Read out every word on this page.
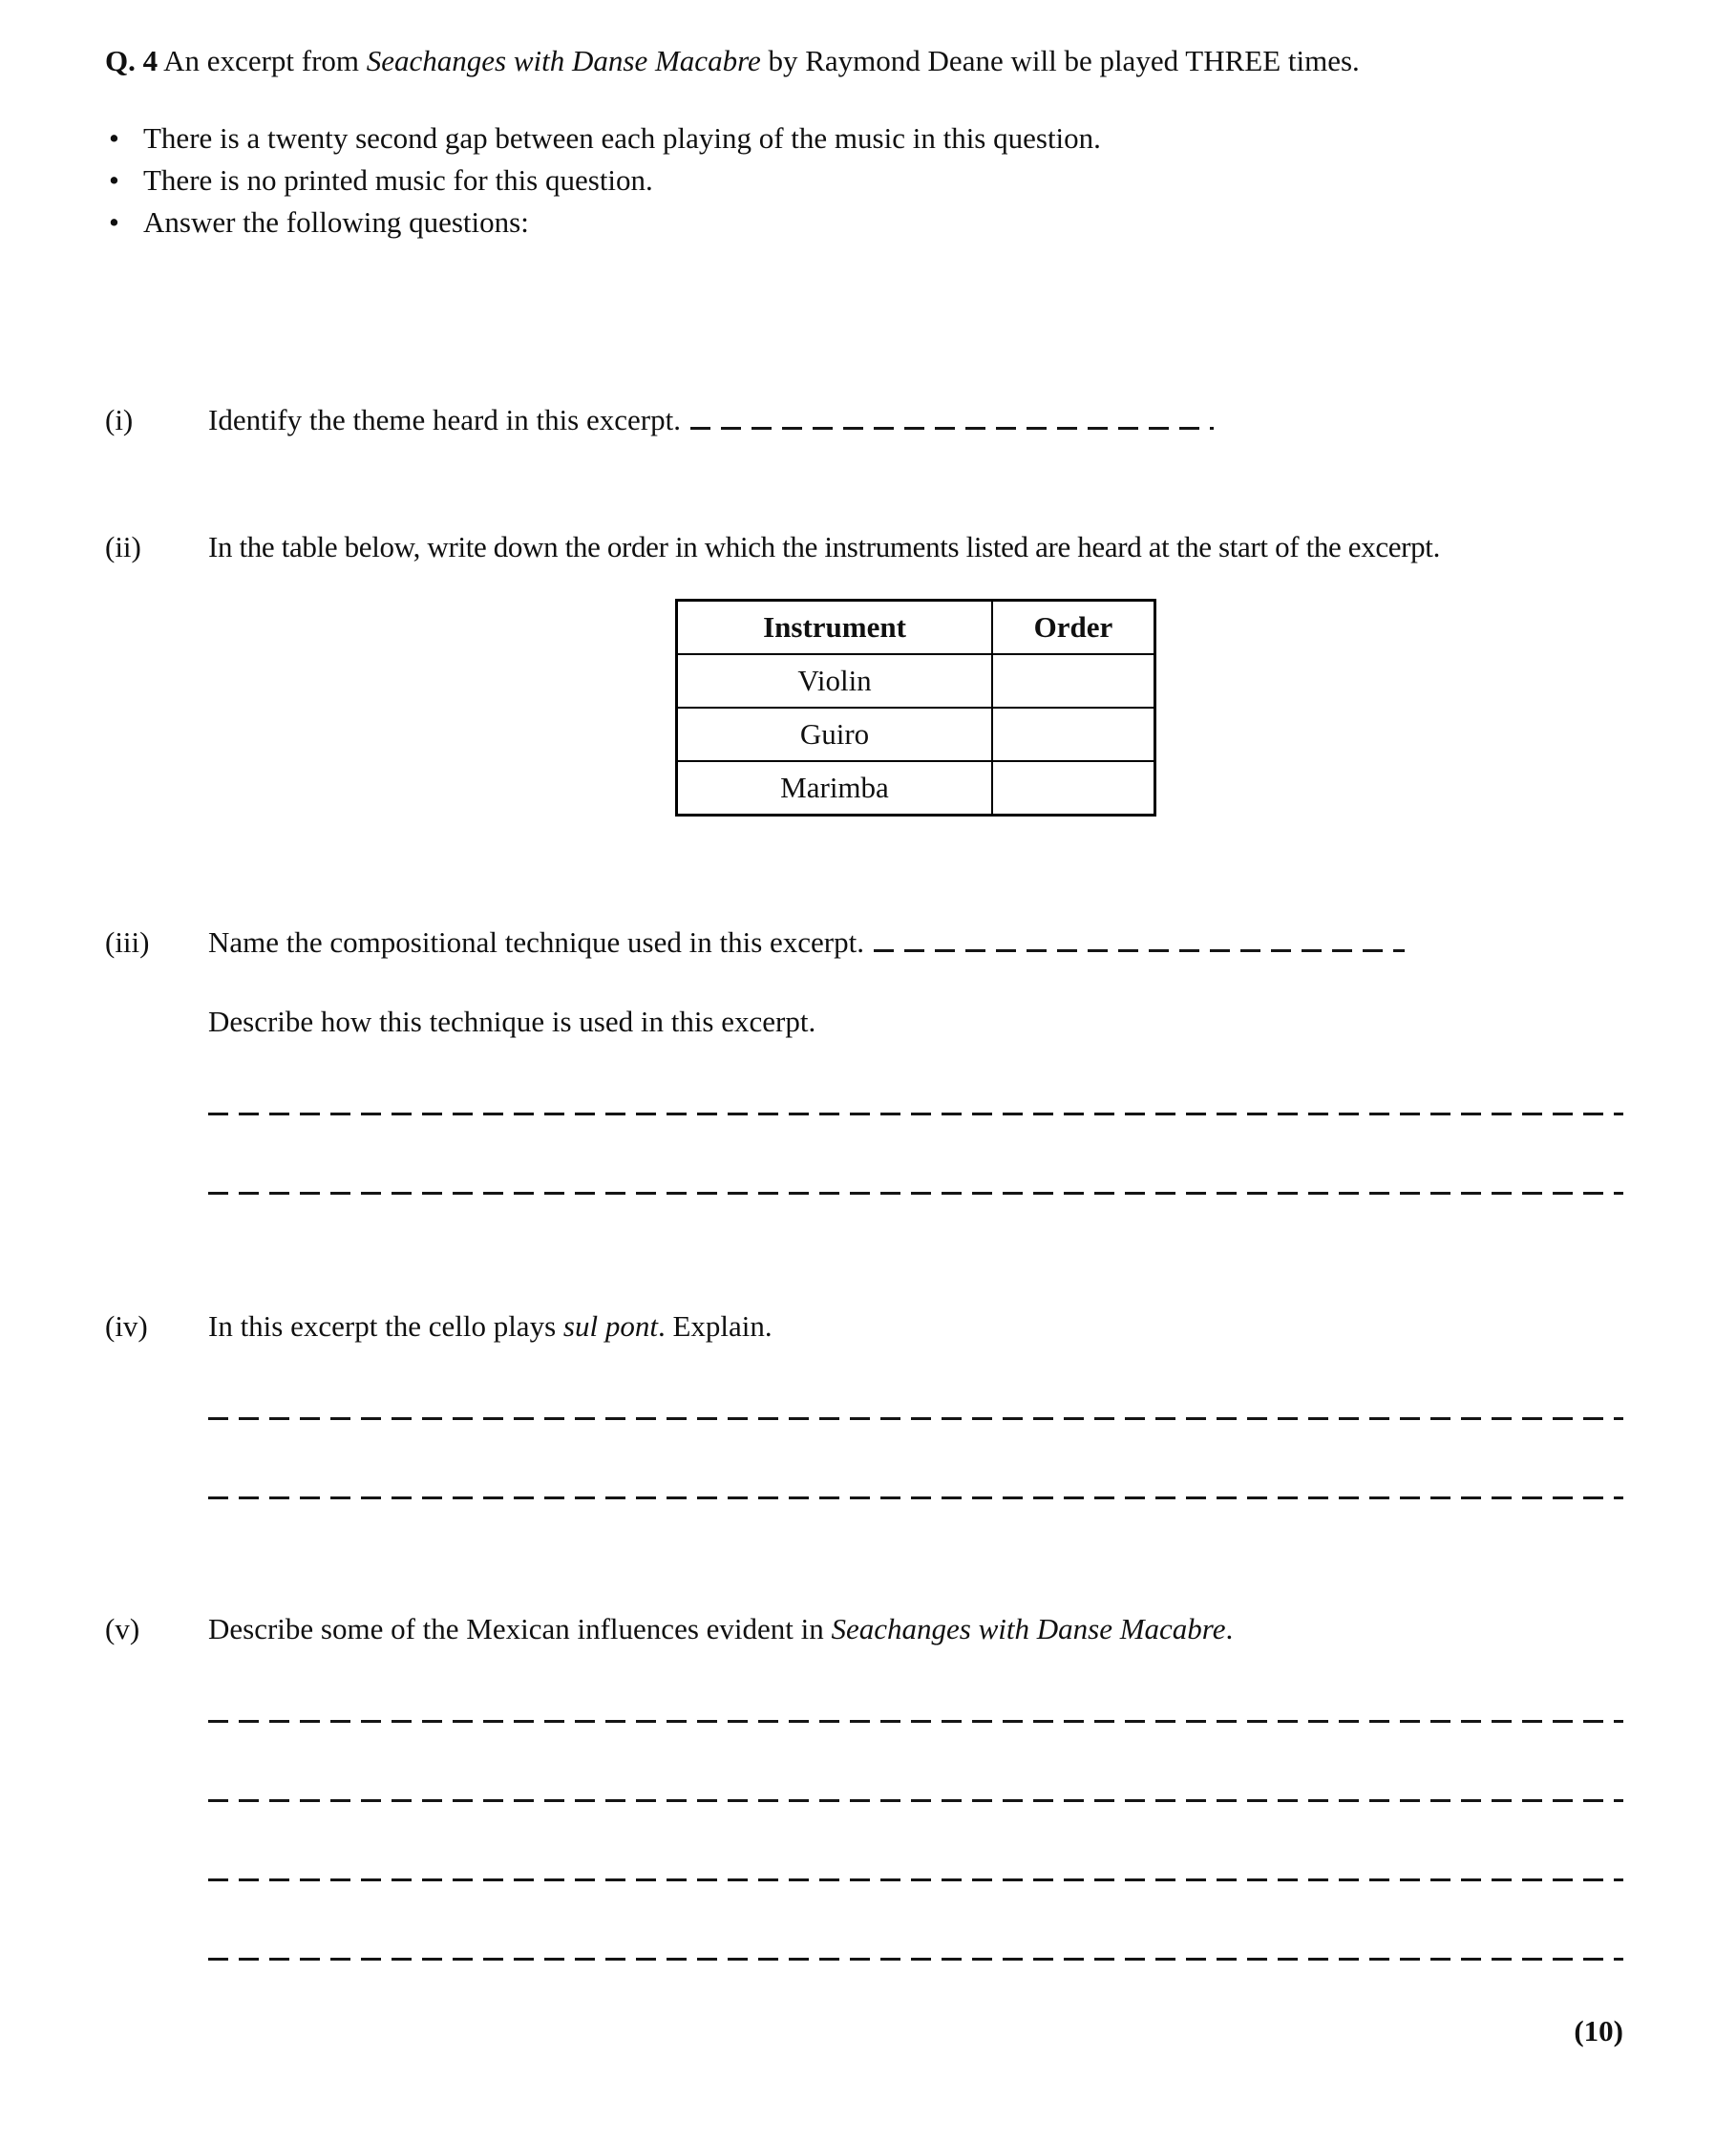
Q. 4 An excerpt from Seachanges with Danse Macabre by Raymond Deane will be played THREE times.

• There is a twenty second gap between each playing of the music in this question.
• There is no printed music for this question.
• Answer the following questions:
(i)	Identify the theme heard in this excerpt.
(ii)	In the table below, write down the order in which the instruments listed are heard at the start of the excerpt.
Instrument	Order
Violin	
Guiro	
Marimba	
(iii)	Name the compositional technique used in this excerpt.
Describe how this technique is used in this excerpt.
(iv)	In this excerpt the cello plays sul pont. Explain.
(v)	Describe some of the Mexican influences evident in Seachanges with Danse Macabre.
(10)
